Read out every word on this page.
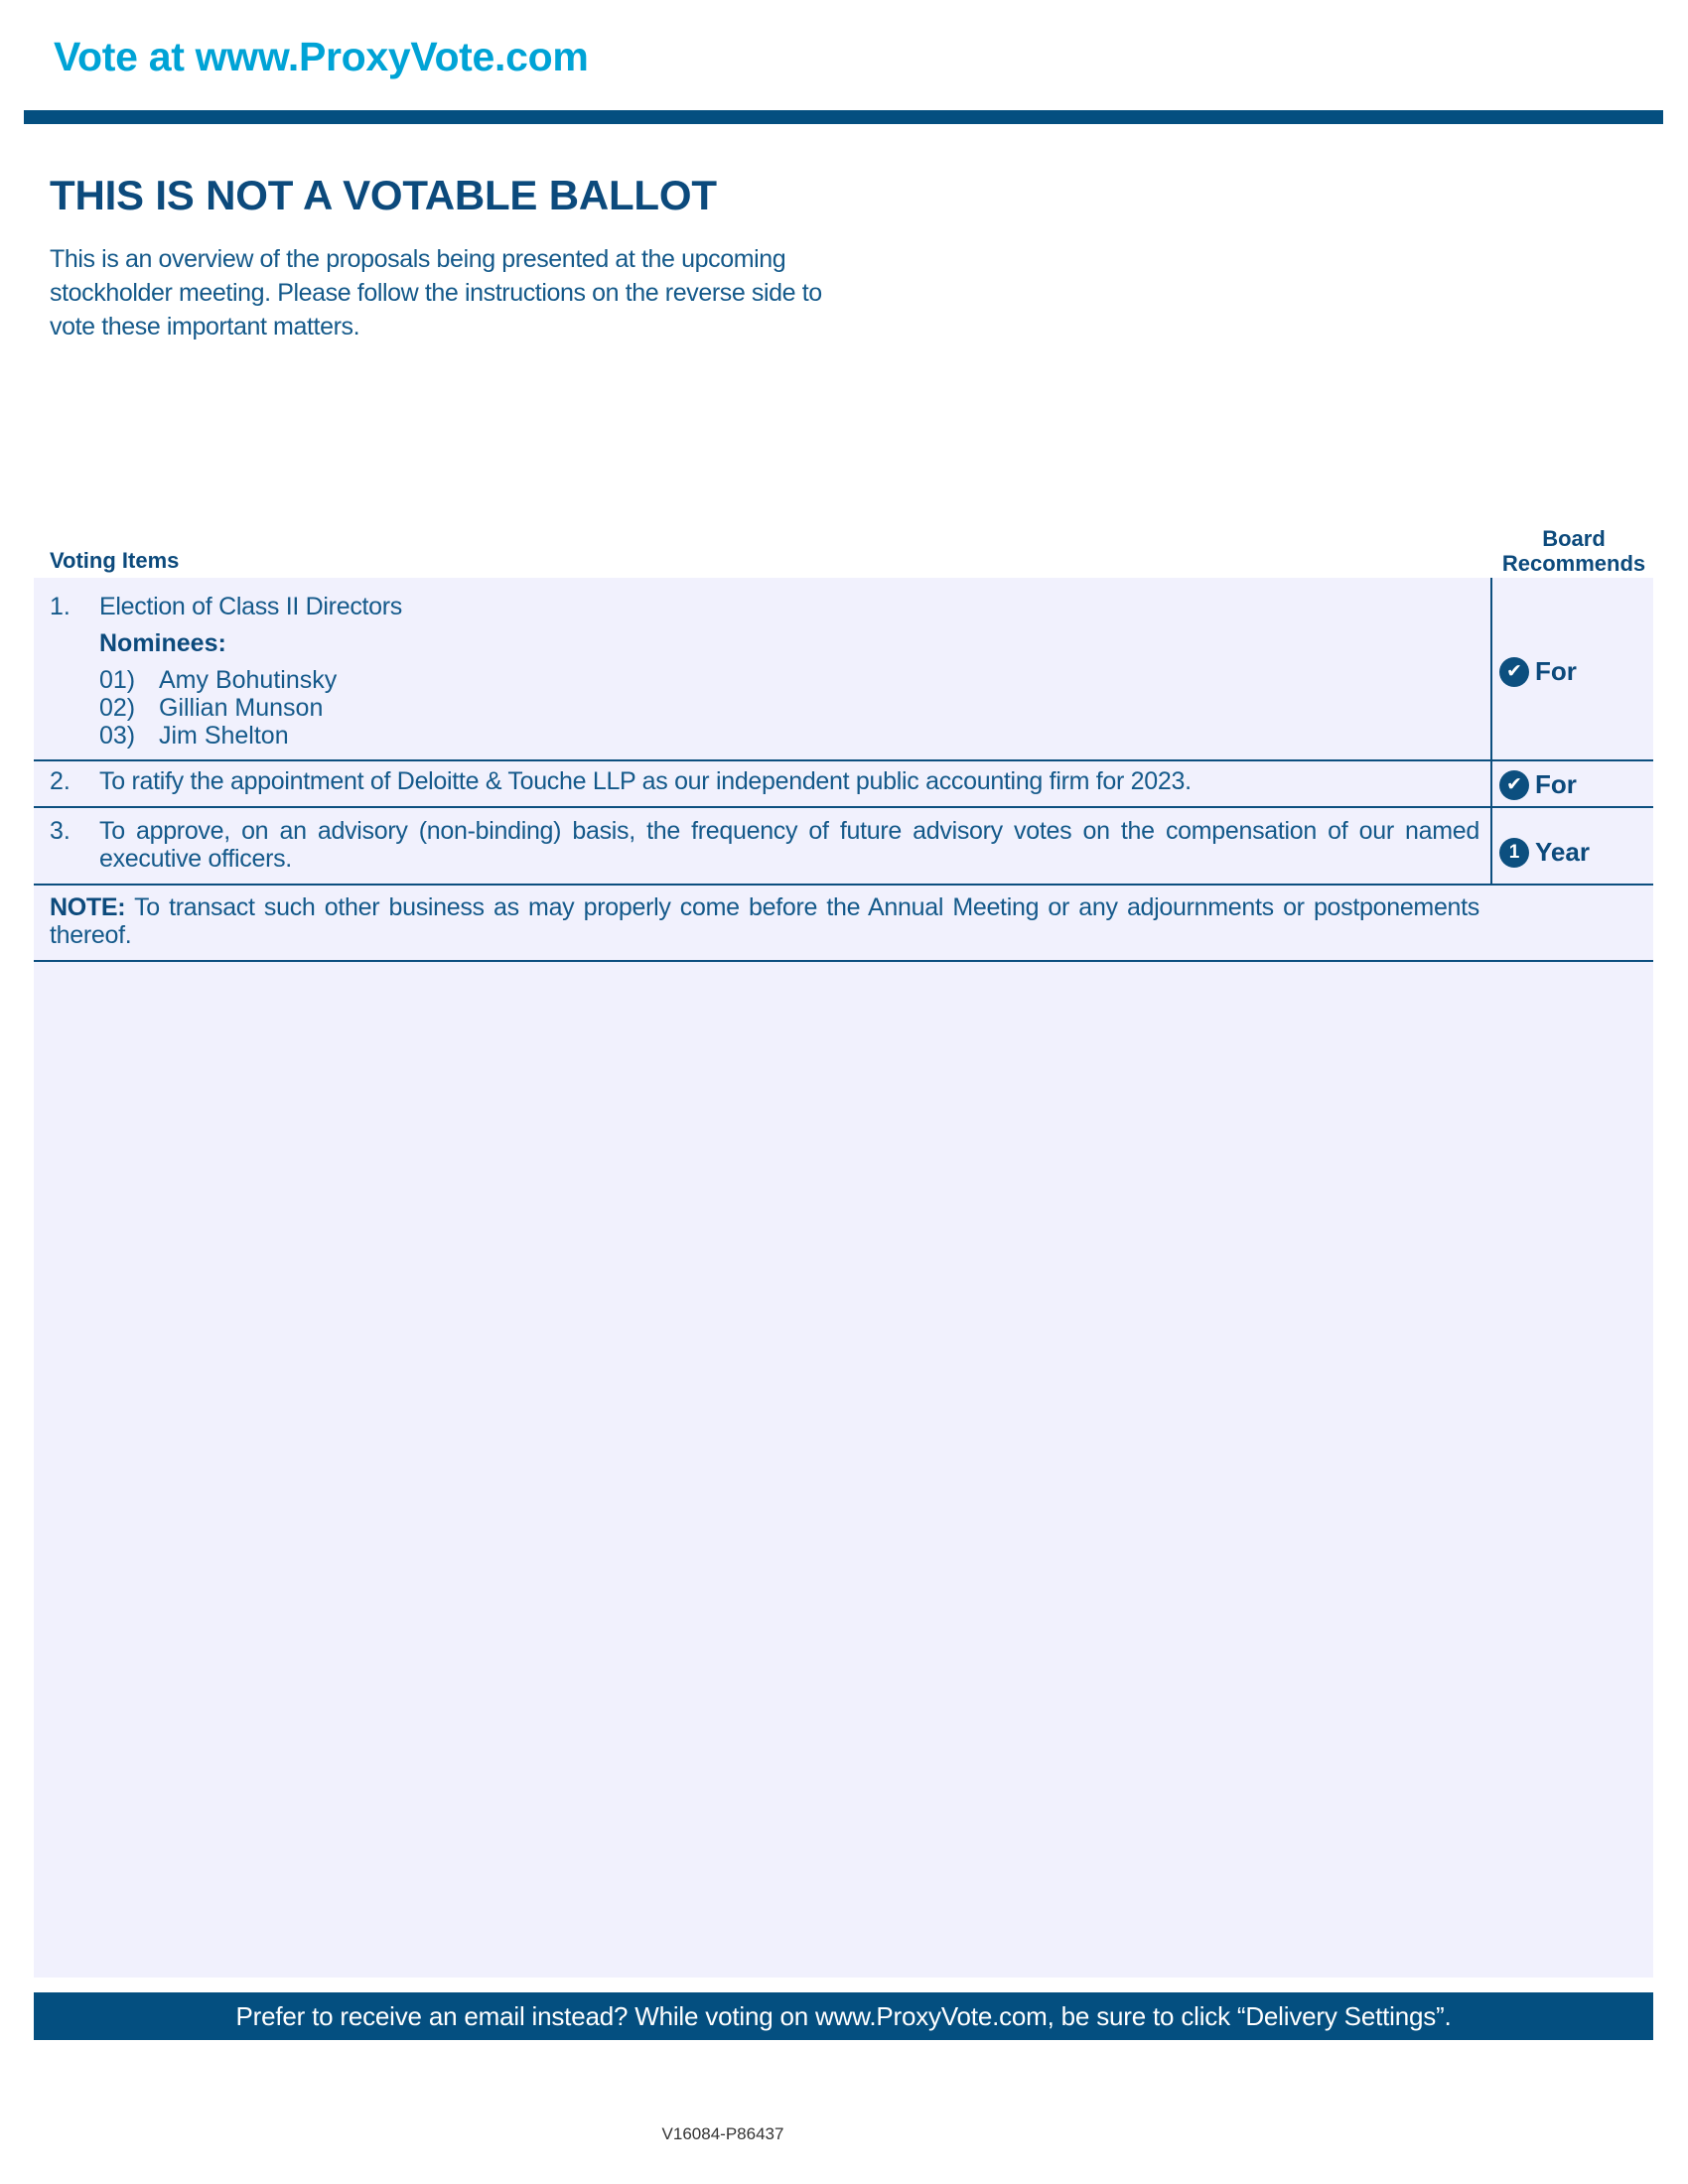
Vote at www.ProxyVote.com
THIS IS NOT A VOTABLE BALLOT
This is an overview of the proposals being presented at the upcoming stockholder meeting. Please follow the instructions on the reverse side to vote these important matters.
Voting Items
Board
Recommends
1. Election of Class II Directors
Nominees:
01) Amy Bohutinsky
02) Gillian Munson
03) Jim Shelton
✔ For
2. To ratify the appointment of Deloitte & Touche LLP as our independent public accounting firm for 2023.	✔ For
3. To approve, on an advisory (non-binding) basis, the frequency of future advisory votes on the compensation of our named executive officers.	1 Year
NOTE: To transact such other business as may properly come before the Annual Meeting or any adjournments or postponements thereof.
Prefer to receive an email instead? While voting on www.ProxyVote.com, be sure to click “Delivery Settings”.
V16084-P86437
